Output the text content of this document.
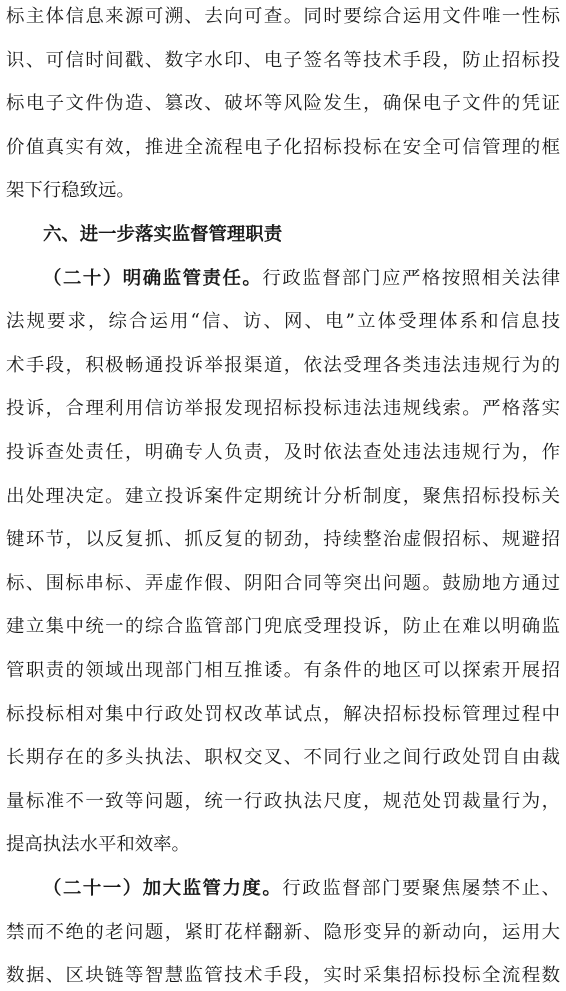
标主体信息来源可溯、去向可查。同时要综合运用文件唯一性标
识、可信时间戳、数字水印、电子签名等技术手段，防止招标投
标电子文件伪造、篡改、破坏等风险发生，确保电子文件的凭证
价值真实有效，推进全流程电子化招标投标在安全可信管理的框
架下行稳致远。
六、进一步落实监督管理职责
（二十）明确监管责任。行政监督部门应严格按照相关法律
法规要求，综合运用“信、访、网、电”立体受理体系和信息技
术手段，积极畅通投诉举报渠道，依法受理各类违法违规行为的
投诉，合理利用信访举报发现招标投标违法违规线索。严格落实
投诉查处责任，明确专人负责，及时依法查处违法违规行为，作
出处理决定。建立投诉案件定期统计分析制度，聚焦招标投标关
键环节，以反复抓、抓反复的韧劲，持续整治虚假招标、规避招
标、围标串标、弄虚作假、阴阳合同等突出问题。鼓励地方通过
建立集中统一的综合监管部门兜底受理投诉，防止在难以明确监
管职责的领域出现部门相互推诿。有条件的地区可以探索开展招
标投标相对集中行政处罚权改革试点，解决招标投标管理过程中
长期存在的多头执法、职权交叉、不同行业之间行政处罚自由裁
量标准不一致等问题，统一行政执法尺度，规范处罚裁量行为，
提高执法水平和效率。
（二十一）加大监管力度。行政监督部门要聚焦屡禁不止、
禁而不绝的老问题，紧盯花样翻新、隐形变异的新动向，运用大
数据、区块链等智慧监管技术手段，实时采集招标投标全流程数
